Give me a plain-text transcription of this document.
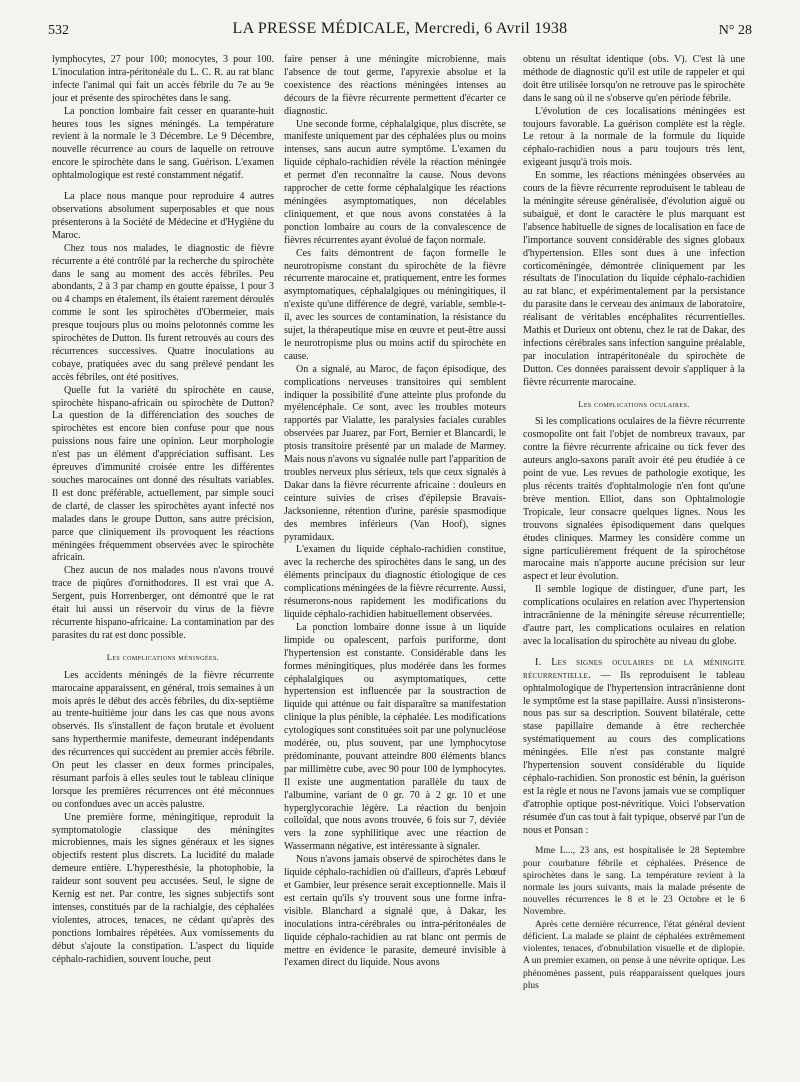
532	LA PRESSE MÉDICALE, Mercredi, 6 Avril 1938	N° 28

lymphocytes, 27 pour 100; monocytes, 3 pour 100. L'inoculation intra-péritonéale du L. C. R. au rat blanc infecte l'animal qui fait un accès fébrile du 7e au 9e jour et présente des spirochètes dans le sang.

La ponction lombaire fait cesser en quarante-huit heures tous les signes méningés. La température revient à la normale le 3 Décembre. Le 9 Décembre, nouvelle récurrence au cours de laquelle on retrouve encore le spirochète dans le sang. Guérison. L'examen ophtalmologique est resté constamment négatif.

La place nous manque pour reproduire 4 autres observations absolument superposables et que nous présenterons à la Société de Médecine et d'Hygiène du Maroc.

Chez tous nos malades, le diagnostic de fièvre récurrente a été contrôlé par la recherche du spirochète dans le sang au moment des accès fébriles. Peu abondants, 2 à 3 par champ en goutte épaisse, 1 pour 3 ou 4 champs en étalement, ils étaient rarement déroulés comme le sont les spirochètes d'Obermeier, mais presque toujours plus ou moins pelotonnés comme les spirochètes de Dutton. Ils furent retrouvés au cours des récurrences successives. Quatre inoculations au cobaye, pratiquées avec du sang prélevé pendant les accès fébriles, ont été positives.

Quelle fut la variété du spirochète en cause, spirochète hispano-africain ou spirochète de Dutton? La question de la différenciation des souches de spirochètes est encore bien confuse pour que nous puissions nous faire une opinion. Leur morphologie n'est pas un élément d'appréciation suffisant. Les épreuves d'immunité croisée entre les différentes souches marocaines ont donné des résultats variables. Il est donc préférable, actuellement, par simple souci de clarté, de classer les spirochètes ayant infecté nos malades dans le groupe Dutton, sans autre précision, parce que cliniquement ils provoquent les réactions méningées fréquemment observées avec le spirochète africain.

Chez aucun de nos malades nous n'avons trouvé trace de piqûres d'ornithodores. Il est vrai que A. Sergent, puis Horrenberger, ont démontré que le rat était lui aussi un réservoir du virus de la fièvre récurrente hispano-africaine. La contamination par des parasites du rat est donc possible.

Les complications méningées.

Les accidents méningés de la fièvre récurrente marocaine apparaissent, en général, trois semaines à un mois après le début des accès fébriles, du dix-septième au trente-huitième jour dans les cas que nous avons observés. Ils s'installent de façon brutale et évoluent sans hyperthermie manifeste, demeurant indépendants des récurrences qui succèdent au premier accès fébrile. On peut les classer en deux formes principales, résumant parfois à elles seules tout le tableau clinique lorsque les premières récurrences ont été méconnues ou confondues avec un accès palustre.

Une première forme, méningitique, reproduit la symptomatologie classique des méningites microbiennes, mais les signes généraux et les signes objectifs restent plus discrets. La lucidité du malade demeure entière. L'hyperesthésie, la photophobie, la raideur sont souvent peu accusées. Seul, le signe de Kernig est net. Par contre, les signes subjectifs sont intenses, constitués par de la rachialgie, des céphalées violentes, atroces, tenaces, ne cédant qu'après des ponctions lombaires répétées. Aux vomissements du début s'ajoute la constipation. L'aspect du liquide céphalo-rachidien, souvent louche, peut

faire penser à une méningite microbienne, mais l'absence de tout germe, l'apyrexie absolue et la coexistence des réactions méningées intenses au décours de la fièvre récurrente permettent d'écarter ce diagnostic.

Une seconde forme, céphalalgique, plus discrète, se manifeste uniquement par des céphalées plus ou moins intenses, sans aucun autre symptôme. L'examen du liquide céphalo-rachidien révèle la réaction méningée et permet d'en reconnaître la cause. Nous devons rapprocher de cette forme céphalalgique les réactions méningées asymptomatiques, non décelables cliniquement, et que nous avons constatées à la ponction lombaire au cours de la convalescence de fièvres récurrentes ayant évolué de façon normale.

Ces faits démontrent de façon formelle le neurotropisme constant du spirochète de la fièvre récurrente marocaine et, pratiquement, entre les formes asymptomatiques, céphalalgiques ou méningitiques, il n'existe qu'une différence de degré, variable, semble-t-il, avec les sources de contamination, la résistance du sujet, la thérapeutique mise en œuvre et peut-être aussi le neurotropisme plus ou moins actif du spirochète en cause.

On a signalé, au Maroc, de façon épisodique, des complications nerveuses transitoires qui semblent indiquer la possibilité d'une atteinte plus profonde du myélencéphale. Ce sont, avec les troubles moteurs rapportés par Vialatte, les paralysies faciales curables observées par Juarez, par Fort, Bernier et Blancardi, le ptosis transitoire présenté par un malade de Marmey. Mais nous n'avons vu signalée nulle part l'apparition de troubles nerveux plus sérieux, tels que ceux signalés à Dakar dans la fièvre récurrente africaine : douleurs en ceinture suivies de crises d'épilepsie Bravais-Jacksonienne, rétention d'urine, parésie spasmodique des membres inférieurs (Van Hoof), signes pyramidaux.

L'examen du liquide céphalo-rachidien constitue, avec la recherche des spirochètes dans le sang, un des éléments principaux du diagnostic étiologique de ces complications méningées de la fièvre récurrente. Aussi, résumerons-nous rapidement les modifications du liquide céphalo-rachidien habituellement observées.

La ponction lombaire donne issue à un liquide limpide ou opalescent, parfois puriforme, dont l'hypertension est constante. Considérable dans les formes méningitiques, plus modérée dans les formes céphalalgiques ou asymptomatiques, cette hypertension est influencée par la soustraction de liquide qui atténue ou fait disparaître sa manifestation clinique la plus pénible, la céphalée. Les modifications cytologiques sont constituées soit par une polynucléose modérée, ou, plus souvent, par une lymphocytose prédominante, pouvant atteindre 800 éléments blancs par millimètre cube, avec 90 pour 100 de lymphocytes. Il existe une augmentation parallèle du taux de l'albumine, variant de 0 gr. 70 à 2 gr. 10 et une hyperglycorachie légère. La réaction du benjoin colloïdal, que nous avons trouvée, 6 fois sur 7, déviée vers la zone syphilitique avec une réaction de Wassermann négative, est intéressante à signaler.

Nous n'avons jamais observé de spirochètes dans le liquide céphalo-rachidien où d'ailleurs, d'après Lebœuf et Gambier, leur présence serait exceptionnelle. Mais il est certain qu'ils s'y trouvent sous une forme infra-visible. Blanchard a signalé que, à Dakar, les inoculations intra-cérébrales ou intra-péritonéales de liquide céphalo-rachidien au rat blanc ont permis de mettre en évidence le parasite, demeuré invisible à l'examen direct du liquide. Nous avons

obtenu un résultat identique (obs. V). C'est là une méthode de diagnostic qu'il est utile de rappeler et qui doit être utilisée lorsqu'on ne retrouve pas le spirochète dans le sang où il ne s'observe qu'en période fébrile.

L'évolution de ces localisations méningées est toujours favorable. La guérison complète est la règle. Le retour à la normale de la formule du liquide céphalo-rachidien nous a paru toujours très lent, exigeant jusqu'à trois mois.

En somme, les réactions méningées observées au cours de la fièvre récurrente reproduisent le tableau de la méningite séreuse généralisée, d'évolution aiguë ou subaiguë, et dont le caractère le plus marquant est l'absence habituelle de signes de localisation en face de l'importance souvent considérable des signes globaux d'hypertension. Elles sont dues à une infection corticoméningée, démontrée cliniquement par les résultats de l'inoculation du liquide céphalo-rachidien au rat blanc, et expérimentalement par la persistance du parasite dans le cerveau des animaux de laboratoire, réalisant de véritables encéphalites récurrentielles. Mathis et Durieux ont obtenu, chez le rat de Dakar, des infections cérébrales sans infection sanguine préalable, par inoculation intrapéritonéale du spirochète de Dutton. Ces données paraissent devoir s'appliquer à la fièvre récurrente marocaine.

Les complications oculaires.

Si les complications oculaires de la fièvre récurrente cosmopolite ont fait l'objet de nombreux travaux, par contre la fièvre récurrente africaine ou tick fever des auteurs anglo-saxons paraît avoir été peu étudiée à ce point de vue. Les revues de pathologie exotique, les plus récents traités d'ophtalmologie n'en font qu'une brève mention. Elliot, dans son Ophtalmologie Tropicale, leur consacre quelques lignes. Nous les trouvons signalées épisodiquement dans quelques études cliniques. Marmey les considère comme un signe particulièrement fréquent de la spirochétose marocaine mais n'apporte aucune précision sur leur aspect et leur évolution.

Il semble logique de distinguer, d'une part, les complications oculaires en relation avec l'hypertension intracrânienne de la méningite séreuse récurrentielle; d'autre part, les complications oculaires en relation avec la localisation du spirochète au niveau du globe.

I. Les signes oculaires de la méningite récurrentielle. — Ils reproduisent le tableau ophtalmologique de l'hypertension intracrânienne dont le symptôme est la stase papillaire. Aussi n'insisterons-nous pas sur sa description. Souvent bilatérale, cette stase papillaire demande à être recherchée systématiquement au cours des complications méningées. Elle n'est pas constante malgré l'hypertension souvent considérable du liquide céphalo-rachidien. Son pronostic est bénin, la guérison est la règle et nous ne l'avons jamais vue se compliquer d'atrophie optique post-névritique. Voici l'observation résumée d'un cas tout à fait typique, observé par l'un de nous et Ponsan :

Mme L..., 23 ans, est hospitalisée le 28 Septembre pour courbature fébrile et céphalées. Présence de spirochètes dans le sang. La température revient à la normale les jours suivants, mais la malade présente de nouvelles récurrences le 8 et le 23 Octobre et le 6 Novembre.

Après cette dernière récurrence, l'état général devient déficient. La malade se plaint de céphalées extrêmement violentes, tenaces, d'obnubilation visuelle et de diplopie. A un premier examen, on pense à une névrite optique. Les phénomènes passent, puis réapparaissent quelques jours plus
